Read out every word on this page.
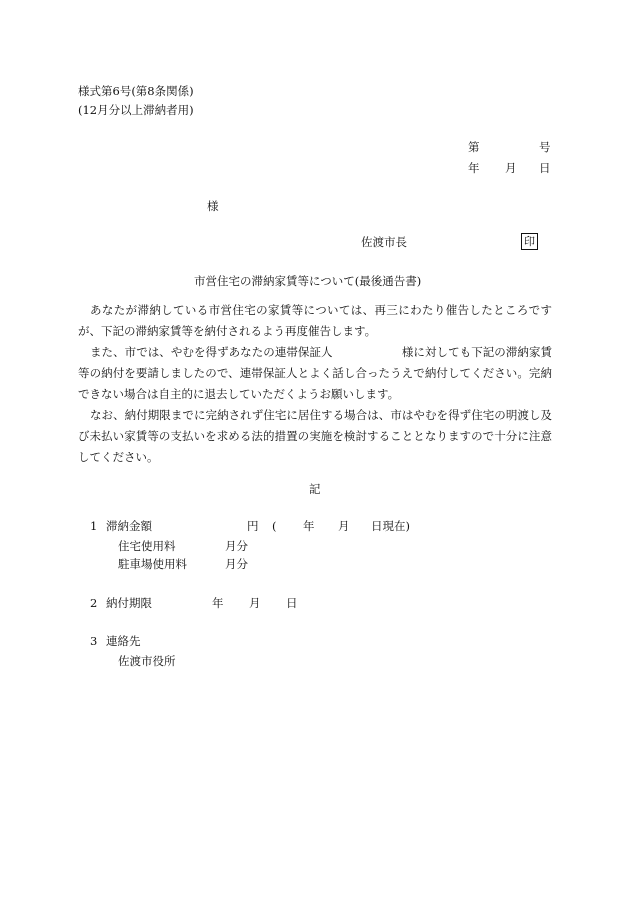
様式第6号(第8条関係)
(12月分以上滞納者用)
第	号
年 月 日
様
佐渡市長	印
市営住宅の滞納家賃等について(最後通告書)

あなたが滞納している市営住宅の家賃等については、再三にわたり催告したところですが、下記の滞納家賃等を納付されるよう再度催告します。

また、市では、やむを得ずあなたの連帯保証人　　　　　　様に対しても下記の滞納家賃等の納付を要請しましたので、連帯保証人とよく話し合ったうえで納付してください。完納できない場合は自主的に退去していただくようお願いします。

なお、納付期限までに完納されず住宅に居住する場合は、市はやむを得ず住宅の明渡し及び未払い家賃等の支払いを求める法的措置の実施を検討することとなりますので十分に注意してください。

記
1 滞納金額	円 ( 年 月 日現在)
住宅使用料	月分
駐車場使用料	月分
2 納付期限	年 月 日
3 連絡先
佐渡市役所
